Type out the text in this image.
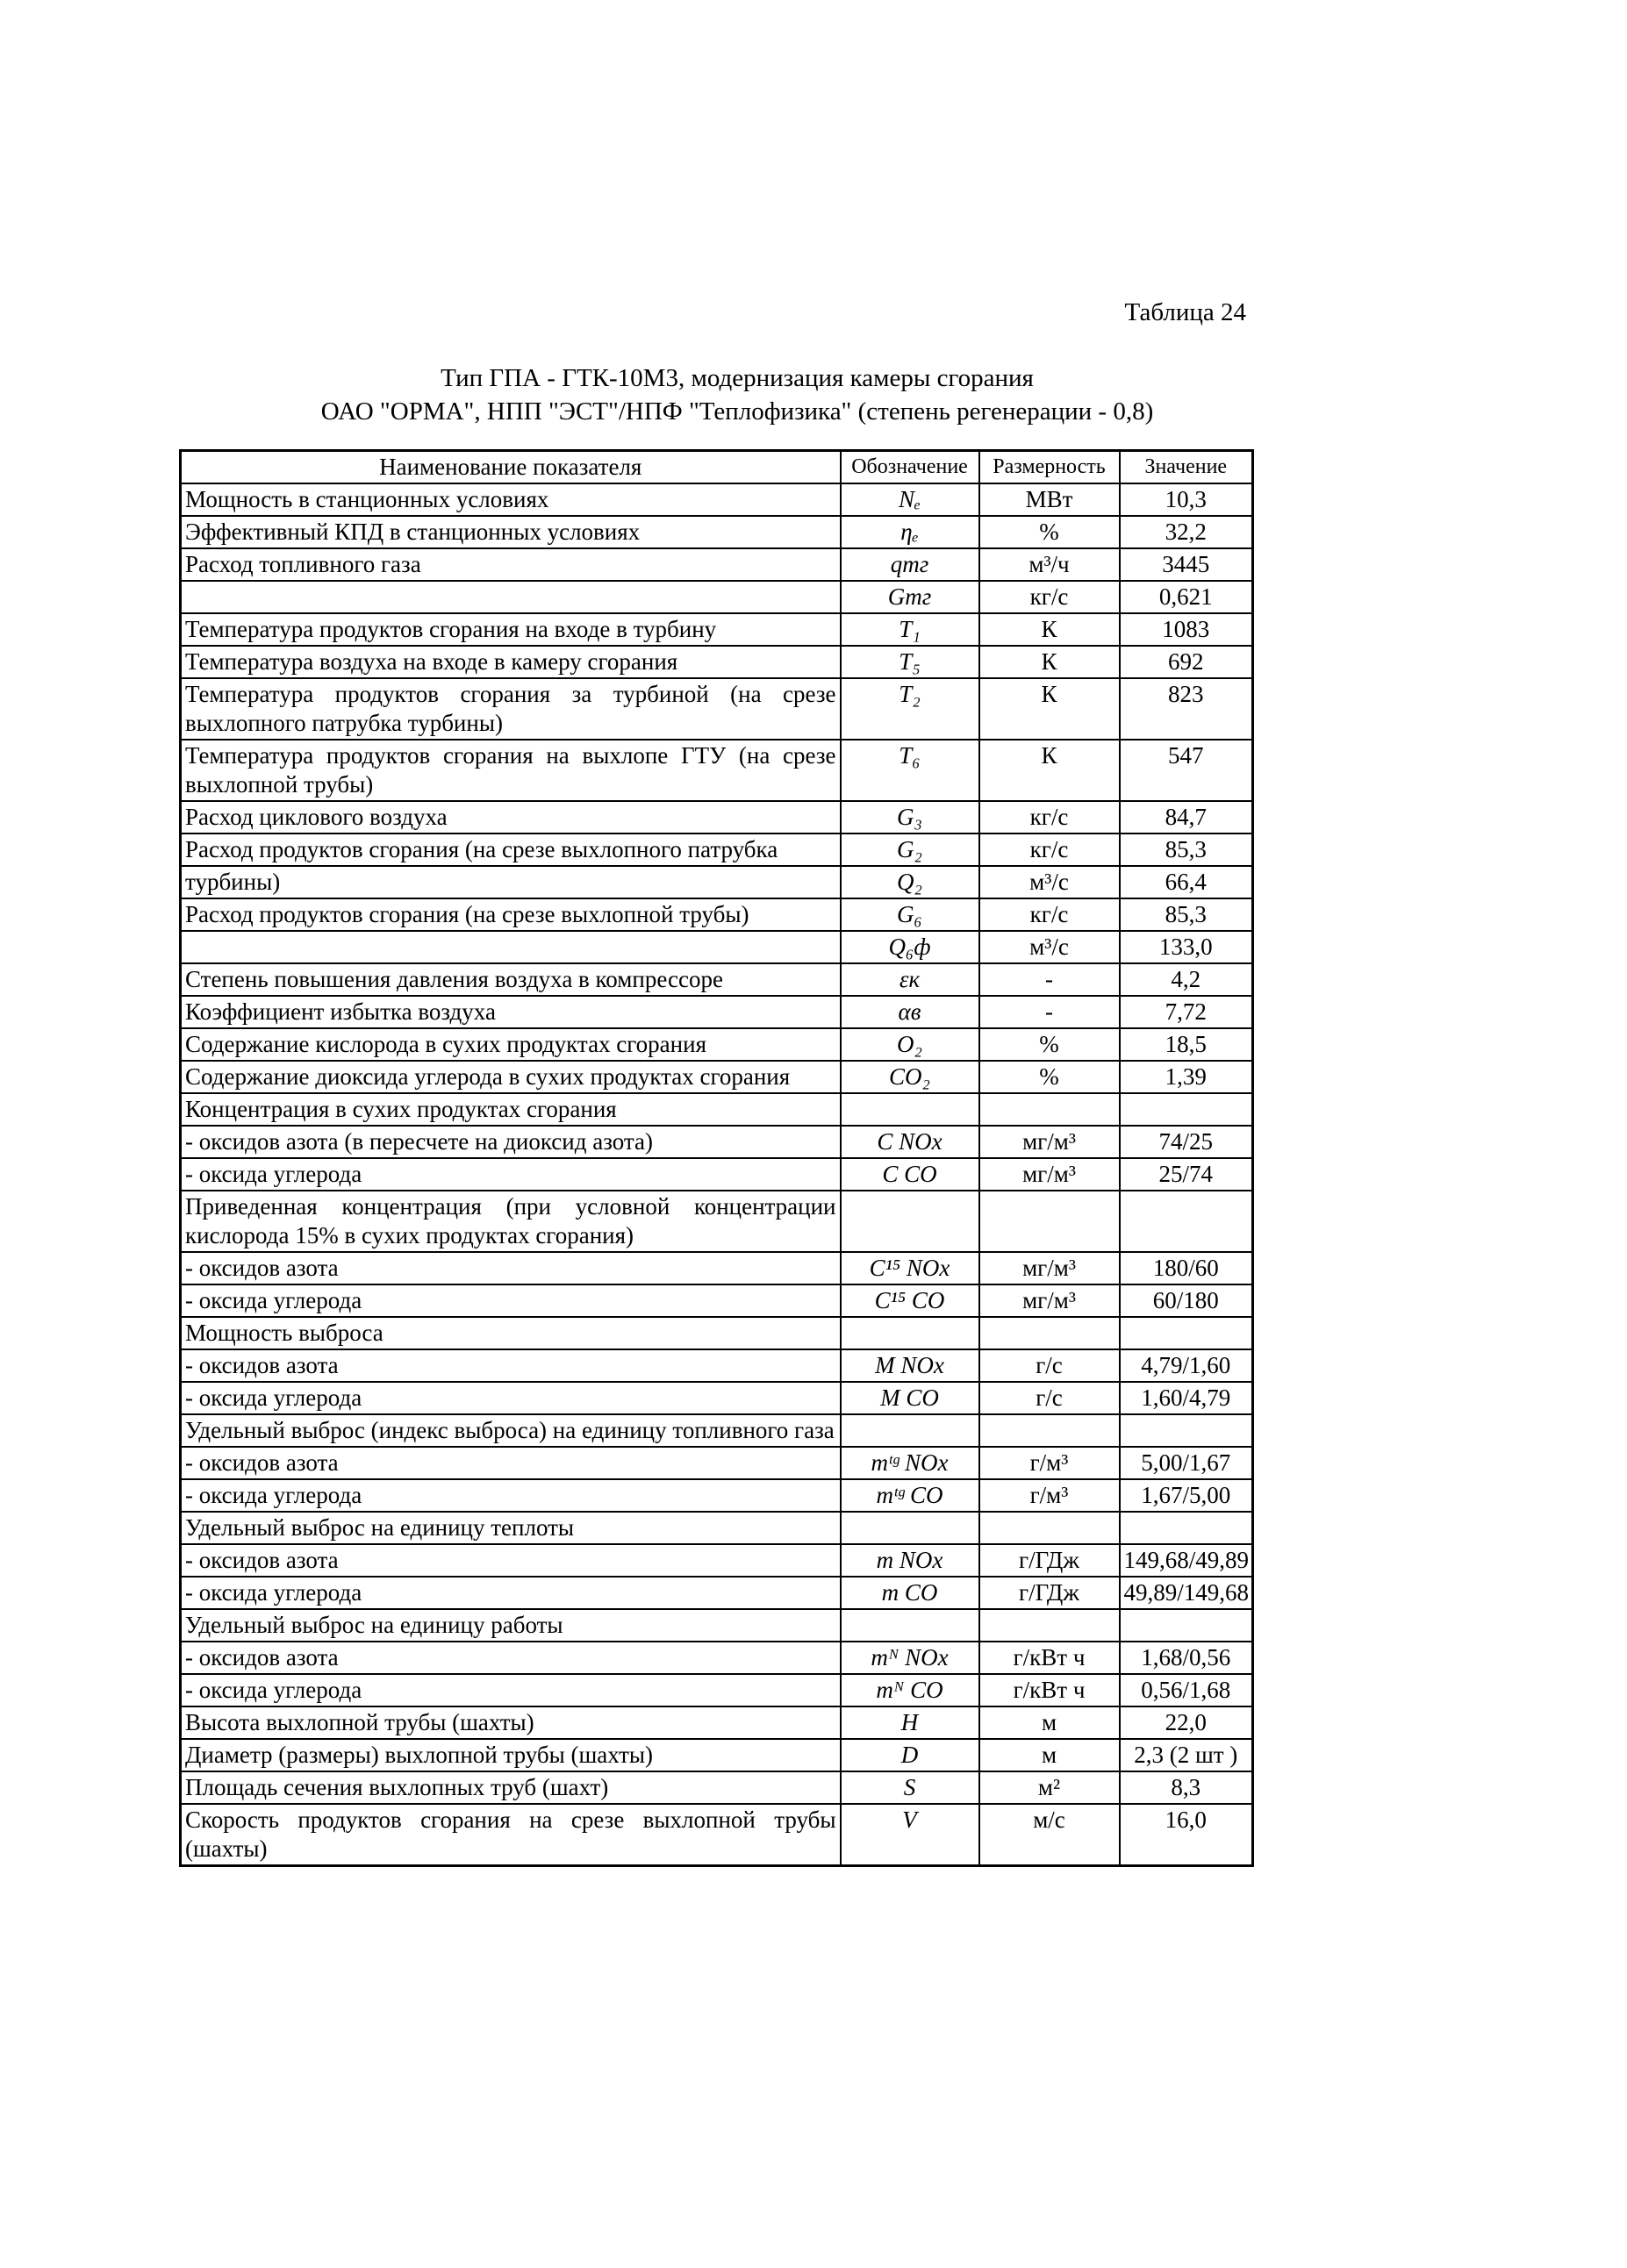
Таблица 24
Тип ГПА - ГТК-10М3, модернизация камеры сгорания
ОАО "ОРМА", НПП "ЭСТ"/НПФ "Теплофизика" (степень регенерации - 0,8)
Наименование показателя	Обозначение	Размерность	Значение
Мощность в станционных условиях	Nₑ	МВт	10,3
Эффективный КПД в станционных условиях	ηₑ	%	32,2
Расход топливного газа	qтг	м³/ч	3445
	Gтг	кг/с	0,621
Температура продуктов сгорания на входе в турбину	T₁	К	1083
Температура воздуха на входе в камеру сгорания	T₅	К	692
Температура продуктов сгорания за турбиной (на срезе выхлопного патрубка турбины)	T₂	К	823
Температура продуктов сгорания на выхлопе ГТУ (на срезе выхлопной трубы)	T₆	К	547
Расход циклового воздуха	G₃	кг/с	84,7
Расход продуктов сгорания (на срезе выхлопного патрубка	G₂	кг/с	85,3
турбины)	Q₂	м³/с	66,4
Расход продуктов сгорания (на срезе выхлопной трубы)	G₆	кг/с	85,3
	Q₆ф	м³/с	133,0
Степень повышения давления воздуха в компрессоре	εк	-	4,2
Коэффициент избытка воздуха	αв	-	7,72
Содержание кислорода в сухих продуктах сгорания	O₂	%	18,5
Содержание диоксида углерода в сухих продуктах сгорания	CO₂	%	1,39
Концентрация в сухих продуктах сгорания			
- оксидов азота (в пересчете на диоксид азота)	C NOx	мг/м³	74/25
- оксида углерода	C CO	мг/м³	25/74
Приведенная концентрация (при условной концентрации кислорода 15% в сухих продуктах сгорания)			
- оксидов азота	C¹⁵ NOx	мг/м³	180/60
- оксида углерода	C¹⁵ CO	мг/м³	60/180
Мощность выброса			
- оксидов азота	M NOx	г/с	4,79/1,60
- оксида углерода	M CO	г/с	1,60/4,79
Удельный выброс (индекс выброса) на единицу топливного газа			
- оксидов азота	mᵗᵍ NOx	г/м³	5,00/1,67
- оксида углерода	mᵗᵍ CO	г/м³	1,67/5,00
Удельный выброс на единицу теплоты			
- оксидов азота	m NOx	г/ГДж	149,68/49,89
- оксида углерода	m CO	г/ГДж	49,89/149,68
Удельный выброс на единицу работы			
- оксидов азота	mᴺ NOx	г/кВт ч	1,68/0,56
- оксида углерода	mᴺ CO	г/кВт ч	0,56/1,68
Высота выхлопной трубы (шахты)	H	м	22,0
Диаметр (размеры) выхлопной трубы (шахты)	D	м	2,3 (2 шт )
Площадь сечения выхлопных труб (шахт)	S	м²	8,3
Скорость продуктов сгорания на срезе выхлопной трубы (шахты)	V	м/с	16,0
